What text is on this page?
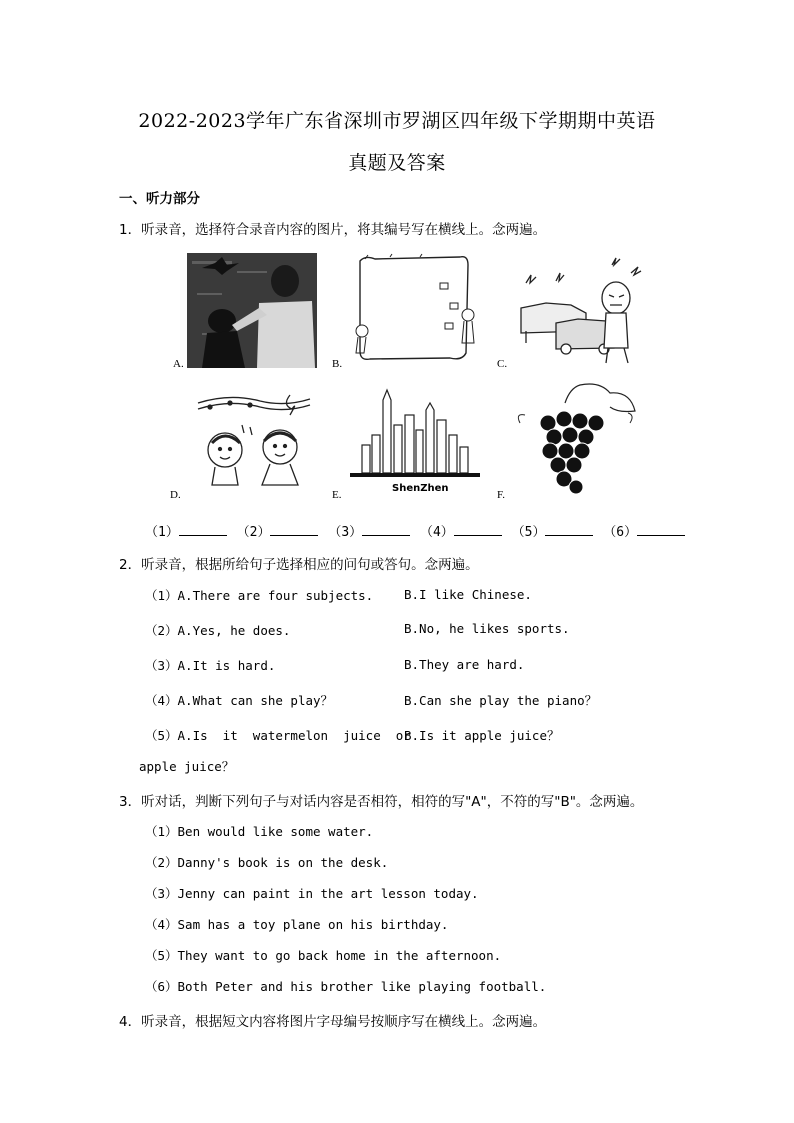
2022-2023学年广东省深圳市罗湖区四年级下学期期中英语
真题及答案
一、听力部分
1．听录音，选择符合录音内容的图片，将其编号写在横线上。念两遍。
A.	B.	C.
D.
ShenZhen
E.	F.
（1）	（2）	（3）	（4）	（5）	（6）
2．听录音，根据所给句子选择相应的问句或答句。念两遍。
（1）A.There are four subjects. B.I like Chinese.
（2）A.Yes, he does.	B.No, he likes sports.
（3）A.It is hard.	B.They are hard.
（4）A.What can she play？	B.Can she play the piano？
（5）A.Is  it  watermelon  juice  or
B.Is it apple juice？
apple juice？
3．听对话，判断下列句子与对话内容是否相符，相符的写"A"，不符的写"B"。念两遍。
（1）Ben would like some water.
（2）Danny's book is on the desk.
（3）Jenny can paint in the art lesson today.
（4）Sam has a toy plane on his birthday.
（5）They want to go back home in the afternoon.
（6）Both Peter and his brother like playing football.
4．听录音，根据短文内容将图片字母编号按顺序写在横线上。念两遍。
